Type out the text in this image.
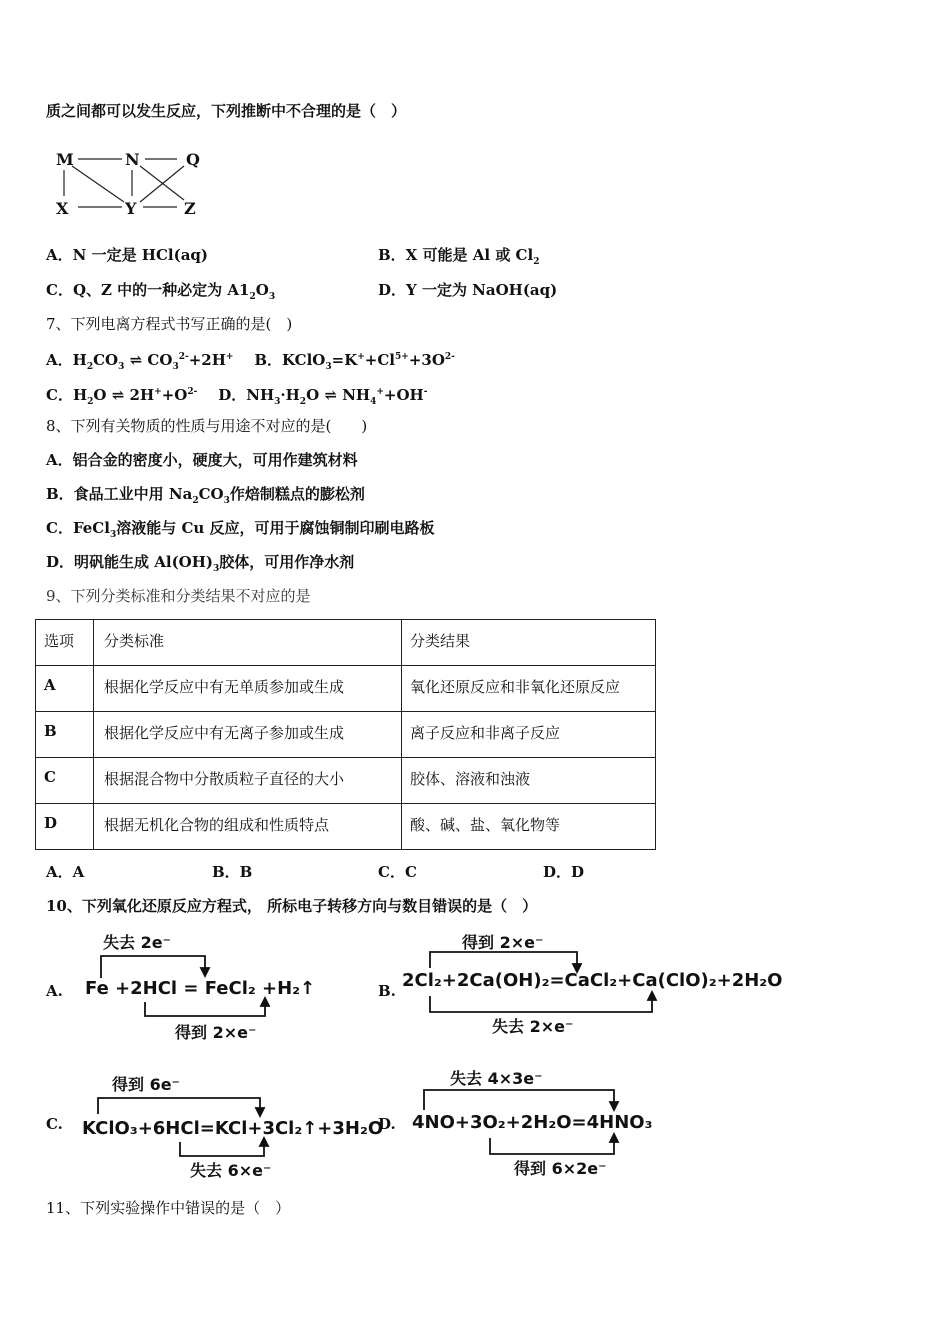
质之间都可以发生反应，下列推断中不合理的是（　）
M	N	Q
X	Y	Z
A．N 一定是 HCl(aq)	B．X 可能是 Al 或 $Cl_2$
C．Q、Z 中的一种必定为 $A1_2O_3$	D．Y 一定为 NaOH(aq)
7、下列电离方程式书写正确的是(　)
A．$H_2CO_3$ ⇌ $CO_3^{2-}+2H^+$ B．$KClO_3=K^++Cl^{5+}+3O^{2-}$
C．$H_2O$ ⇌ $2H^++O^{2-}$ D．$NH_3\cdot H_2O$ ⇌ $NH_4^++OH^-$
8、下列有关物质的性质与用途不对应的是(　　)
A．铝合金的密度小，硬度大，可用作建筑材料
B．食品工业中用 $Na_2CO_3$作焙制糕点的膨松剂
C．FeCl$_3$溶液能与 Cu 反应，可用于腐蚀铜制印刷电路板
D．明矾能生成 $Al(OH)_3$胶体，可用作净水剂
9、下列分类标准和分类结果不对应的是
选项	分类标准	分类结果
A	根据化学反应中有无单质参加或生成	氧化还原反应和非氧化还原反应
B	根据化学反应中有无离子参加或生成	离子反应和非离子反应
C	根据混合物中分散质粒子直径的大小	胶体、溶液和浊液
D	根据无机化合物的组成和性质特点	酸、碱、盐、氧化物等
A．A	B．B	C．C	D．D
10、下列氧化还原反应方程式， 所标电子转移方向与数目错误的是（　）
A.
失去 2e⁻
Fe +2HCl = FeCl₂ +H₂↑
得到 2×e⁻
B.
得到 2×e⁻
2Cl₂+2Ca(OH)₂=CaCl₂+Ca(ClO)₂+2H₂O
失去 2×e⁻
C.
得到 6e⁻
KClO₃+6HCl=KCl+3Cl₂↑+3H₂O
失去 6×e⁻
D.
失去 4×3e⁻
4NO+3O₂+2H₂O=4HNO₃
得到 6×2e⁻
11、下列实验操作中错误的是（　）
